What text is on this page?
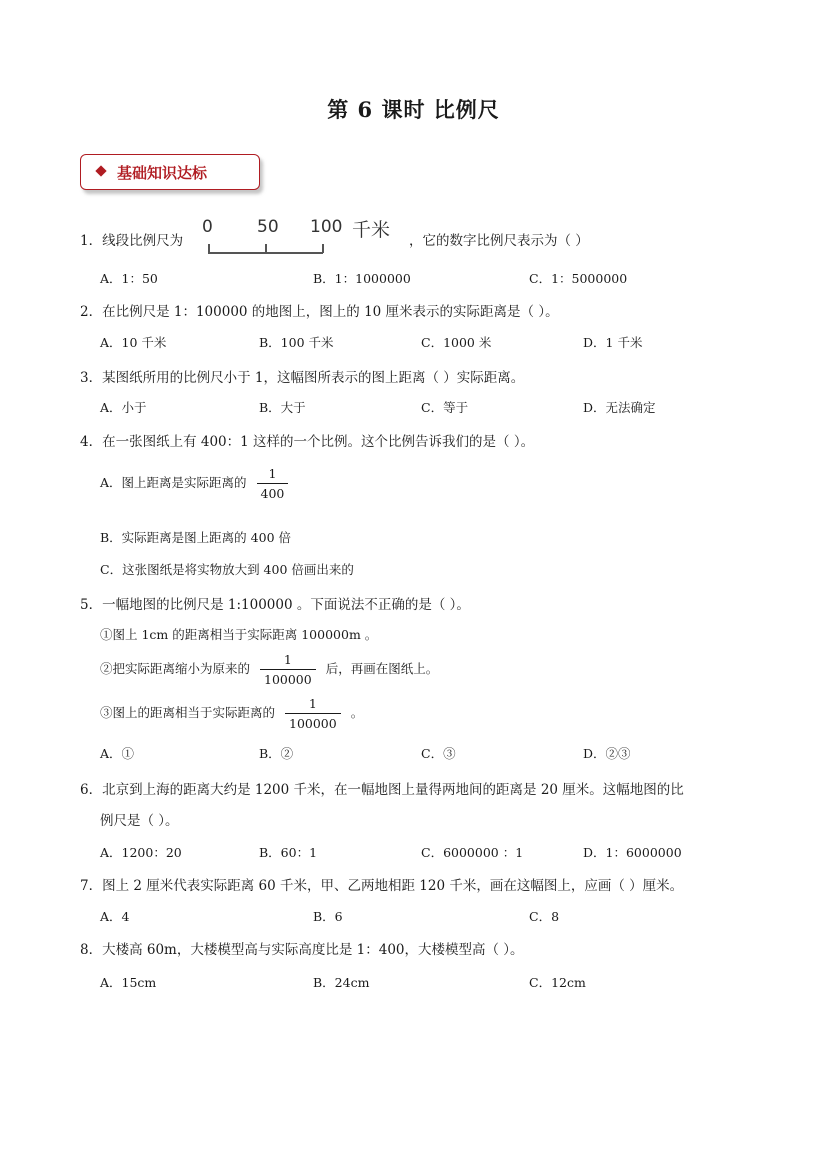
第 6 课时 比例尺
基础知识达标
1．线段比例尺为
0	50 100 千米 ，它的数字比例尺表示为（ ）
A．1：50	B．1：1000000	C．1：5000000
2．在比例尺是 1：100000 的地图上，图上的 10 厘米表示的实际距离是（ ）。
A．10 千米	B．100 千米	C．1000 米	D．1 千米
3．某图纸所用的比例尺小于 1，这幅图所表示的图上距离（ ）实际距离。
A．小于	B．大于	C．等于	D．无法确定
4．在一张图纸上有 400：1 这样的一个比例。这个比例告诉我们的是（ ）。
A．图上距离是实际距离的 $\frac{1}{400}$
B．实际距离是图上距离的 400 倍
C．这张图纸是将实物放大到 400 倍画出来的
5．一幅地图的比例尺是 1:100000 。下面说法不正确的是（ ）。
①图上 1cm 的距离相当于实际距离 100000m 。
②把实际距离缩小为原来的 $\frac{1}{100000}$ 后，再画在图纸上。
③图上的距离相当于实际距离的 $\frac{1}{100000}$ 。
A．①	B．②	C．③	D．②③
6．北京到上海的距离大约是 1200 千米，在一幅地图上量得两地间的距离是 20 厘米。这幅地图的比
例尺是（ ）。
A．1200：20	B．60：1	C．6000000 ：1	D．1：6000000
7．图上 2 厘米代表实际距离 60 千米，甲、乙两地相距 120 千米，画在这幅图上，应画（ ）厘米。
A．4	B．6	C．8
8．大楼高 60m，大楼模型高与实际高度比是 1：400，大楼模型高（ ）。
A．15cm	B．24cm	C．12cm
